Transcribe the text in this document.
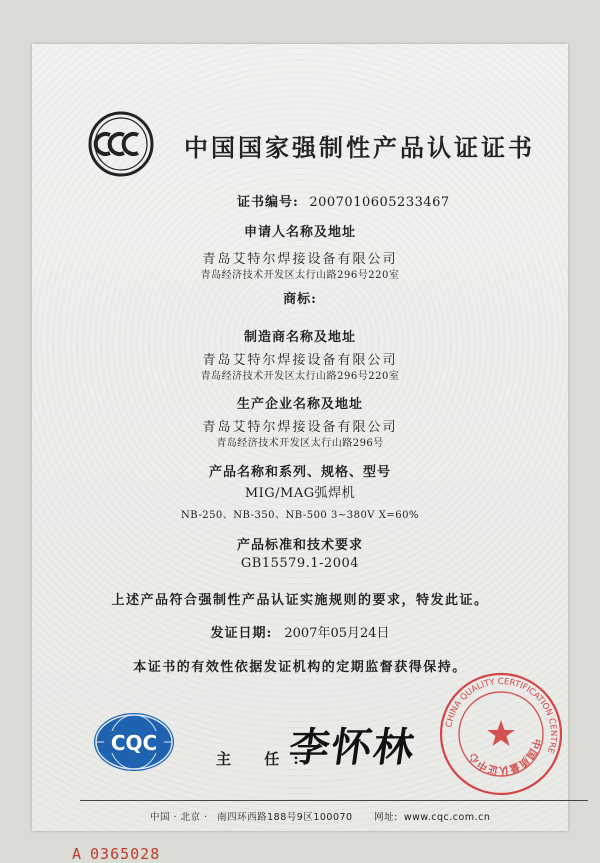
中国国家强制性产品认证证书
证书编号: 2007010605233467
申请人名称及地址
青岛艾特尔焊接设备有限公司
青岛经济技术开发区太行山路296号220室
商标:
制造商名称及地址
青岛艾特尔焊接设备有限公司
青岛经济技术开发区太行山路296号220室
生产企业名称及地址
青岛艾特尔焊接设备有限公司
青岛经济技术开发区太行山路296号
产品名称和系列、规格、型号
MIG/MAG弧焊机
NB-250、NB-350、NB-500 3~380V X=60%
产品标准和技术要求
GB15579.1-2004
上述产品符合强制性产品认证实施规则的要求，特发此证。
发证日期: 2007年05月24日
本证书的有效性依据发证机构的定期监督获得保持。
CQC
主 任:
李怀林	CHINA QUALITY CERTIFICATION CENTRE
中国质量认证中心
中国 · 北京 · 南四环西路188号9区100070 网址: www.cqc.com.cn
A 0365028
